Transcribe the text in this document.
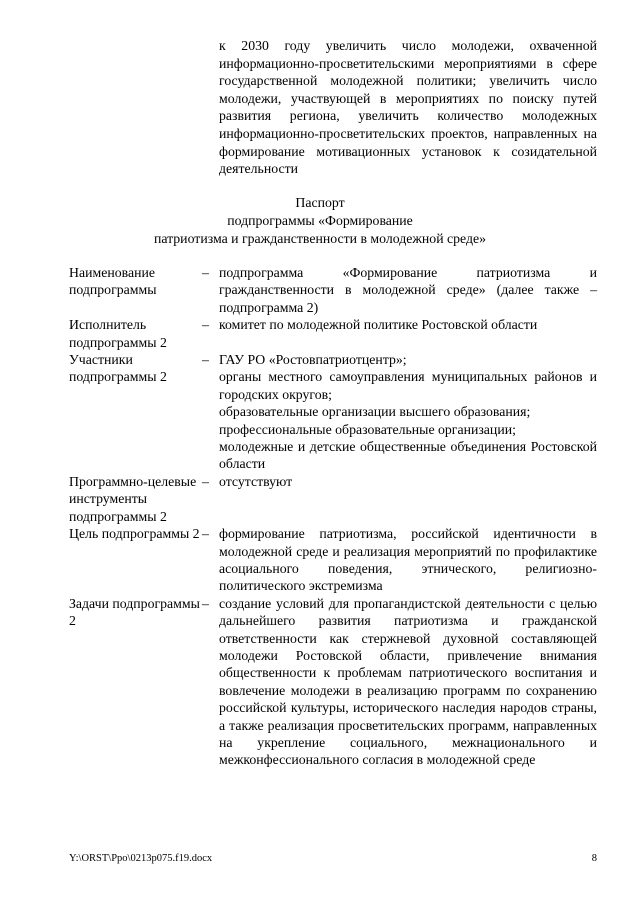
к 2030 году увеличить число молодежи, охваченной информационно-просветительскими мероприятиями в сфере государственной молодежной политики; увеличить число молодежи, участвующей в мероприятиях по поиску путей развития региона, увеличить количество молодежных информационно-просветительских проектов, направленных на формирование мотивационных установок к созидательной деятельности

Паспорт
подпрограммы «Формирование
патриотизма и гражданственности в молодежной среде»
Наименование подпрограммы
– подпрограмма «Формирование патриотизма и гражданственности в молодежной среде» (далее также – подпрограмма 2)

Исполнитель подпрограммы 2
– комитет по молодежной политике Ростовской области

Участники подпрограммы 2
– ГАУ РО «Ростовпатриотцентр»;

органы местного самоуправления муниципальных районов и городских округов;

образовательные организации высшего образования;

профессиональные образовательные организации;

молодежные и детские общественные объединения Ростовской области

Программно-целевые инструменты подпрограммы 2
– отсутствуют

Цель подпрограммы 2 – формирование патриотизма, российской идентичности в молодежной среде и реализация мероприятий по профилактике асоциального поведения, этнического, религиозно-политического экстремизма

Задачи подпрограммы 2
– создание условий для пропагандистской деятельности с целью дальнейшего развития патриотизма и гражданской ответственности как стержневой духовной составляющей молодежи Ростовской области, привлечение внимания общественности к проблемам патриотического воспитания и вовлечение молодежи в реализацию программ по сохранению российской культуры, исторического наследия народов страны, а также реализация просветительских программ, направленных на укрепление социального, межнационального и межконфессионального согласия в молодежной среде

Y:\ORST\Ppo\0213p075.f19.docx	8
